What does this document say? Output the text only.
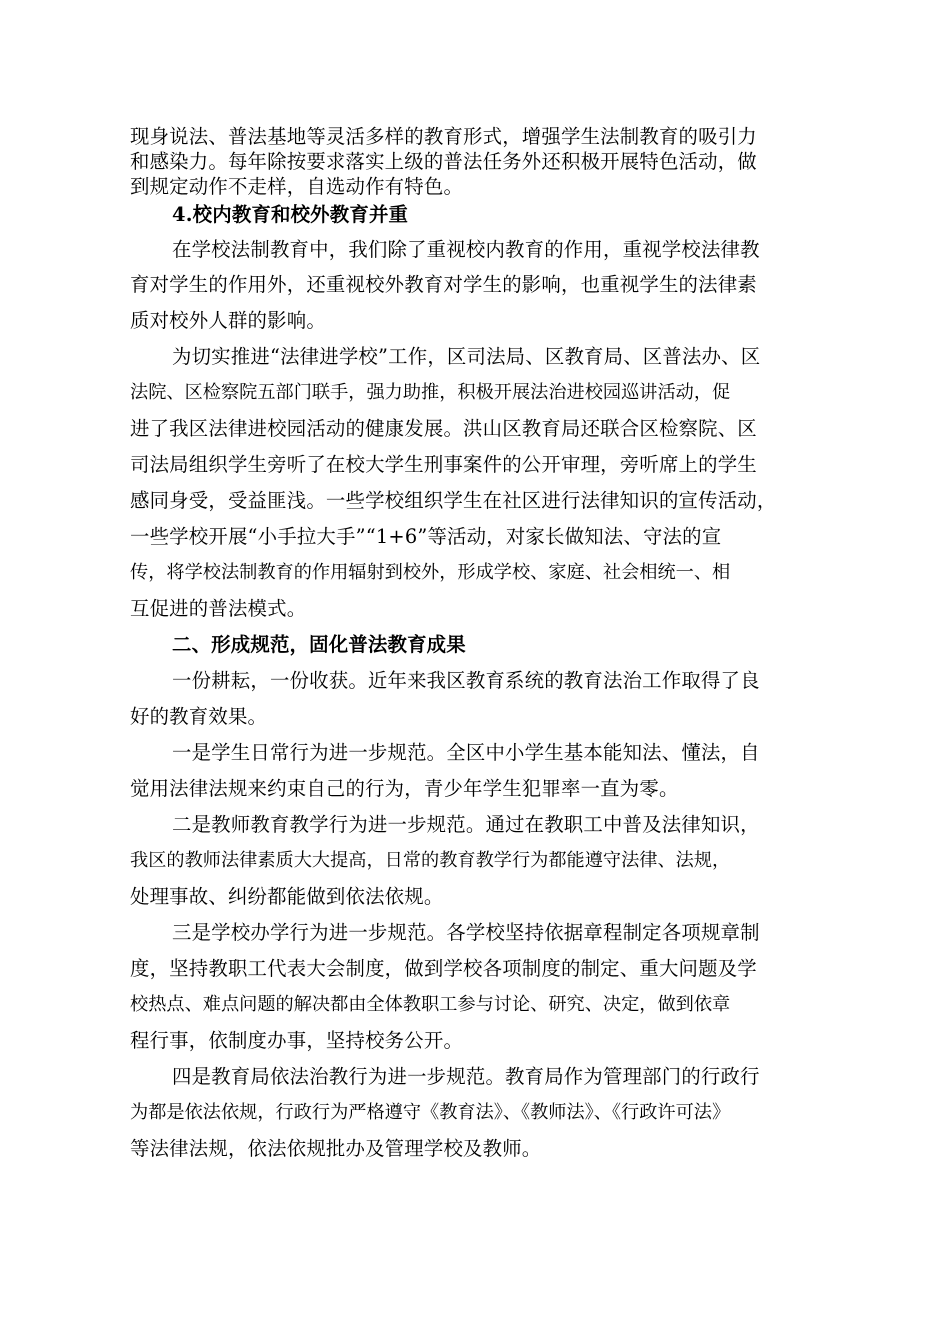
现身说法、普法基地等灵活多样的教育形式，增强学生法制教育的吸引力
和感染力。每年除按要求落实上级的普法任务外还积极开展特色活动，做
到规定动作不走样，自选动作有特色。
4.校内教育和校外教育并重
在学校法制教育中，我们除了重视校内教育的作用，重视学校法律教
育对学生的作用外，还重视校外教育对学生的影响，也重视学生的法律素
质对校外人群的影响。
为切实推进“法律进学校”工作，区司法局、区教育局、区普法办、区
法院、区检察院五部门联手，强力助推，积极开展法治进校园巡讲活动，促
进了我区法律进校园活动的健康发展。洪山区教育局还联合区检察院、区
司法局组织学生旁听了在校大学生刑事案件的公开审理，旁听席上的学生
感同身受，受益匪浅。一些学校组织学生在社区进行法律知识的宣传活动，
一些学校开展“小手拉大手”“1+6”等活动，对家长做知法、守法的宣
传，将学校法制教育的作用辐射到校外，形成学校、家庭、社会相统一、相
互促进的普法模式。
二、形成规范，固化普法教育成果
一份耕耘，一份收获。近年来我区教育系统的教育法治工作取得了良
好的教育效果。
一是学生日常行为进一步规范。全区中小学生基本能知法、懂法，自
觉用法律法规来约束自己的行为，青少年学生犯罪率一直为零。
二是教师教育教学行为进一步规范。通过在教职工中普及法律知识，
我区的教师法律素质大大提高，日常的教育教学行为都能遵守法律、法规，
处理事故、纠纷都能做到依法依规。
三是学校办学行为进一步规范。各学校坚持依据章程制定各项规章制
度，坚持教职工代表大会制度，做到学校各项制度的制定、重大问题及学
校热点、难点问题的解决都由全体教职工参与讨论、研究、决定，做到依章
程行事，依制度办事，坚持校务公开。
四是教育局依法治教行为进一步规范。教育局作为管理部门的行政行
为都是依法依规，行政行为严格遵守《教育法》、《教师法》、《行政许可法》
等法律法规，依法依规批办及管理学校及教师。
